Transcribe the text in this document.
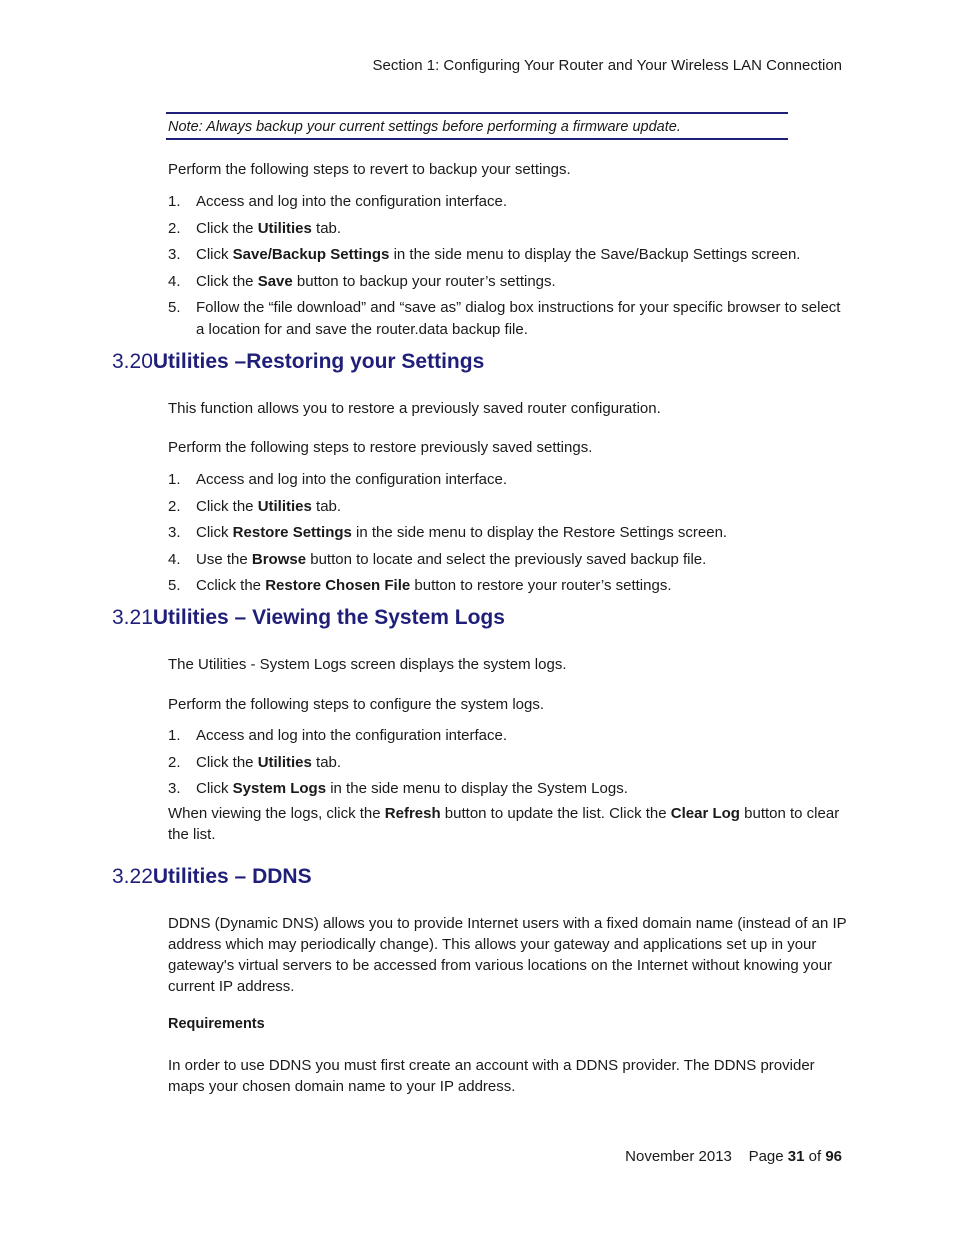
Section 1: Configuring Your Router and Your Wireless LAN Connection
Note: Always backup your current settings before performing a firmware update.
Perform the following steps to revert to backup your settings.
1. Access and log into the configuration interface.
2. Click the Utilities tab.
3. Click Save/Backup Settings in the side menu to display the Save/Backup Settings screen.
4. Click the Save button to backup your router’s settings.
5. Follow the “file download” and “save as” dialog box instructions for your specific browser to select a location for and save the router.data backup file.
3.20Utilities –Restoring your Settings
This function allows you to restore a previously saved router configuration.
Perform the following steps to restore previously saved settings.
1. Access and log into the configuration interface.
2. Click the Utilities tab.
3. Click Restore Settings in the side menu to display the Restore Settings screen.
4. Use the Browse button to locate and select the previously saved backup file.
5. Cclick the Restore Chosen File button to restore your router’s settings.
3.21Utilities – Viewing the System Logs
The Utilities - System Logs screen displays the system logs.
Perform the following steps to configure the system logs.
1. Access and log into the configuration interface.
2. Click the Utilities tab.
3. Click System Logs in the side menu to display the System Logs.
When viewing the logs, click the Refresh button to update the list. Click the Clear Log button to clear the list.
3.22Utilities – DDNS
DDNS (Dynamic DNS) allows you to provide Internet users with a fixed domain name (instead of an IP address which may periodically change). This allows your gateway and applications set up in your gateway's virtual servers to be accessed from various locations on the Internet without knowing your current IP address.
Requirements
In order to use DDNS you must first create an account with a DDNS provider. The DDNS provider maps your chosen domain name to your IP address.
November 2013 Page 31 of 96
